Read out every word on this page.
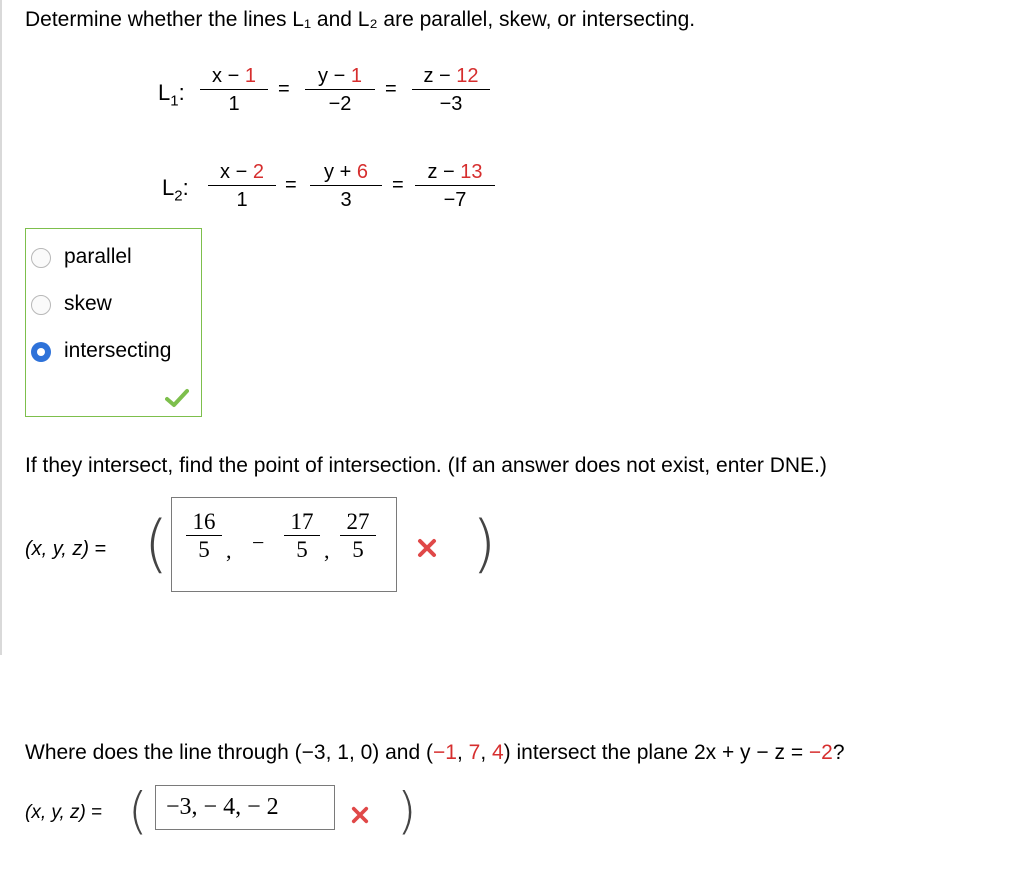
Determine whether the lines L₁ and L₂ are parallel, skew, or intersecting.
$L_1$:
x − 1
1
=
y − 1
−2
=
z − 12
−3
$L_2$:
x − 2
1
=
y + 6
3
=
z − 13
−7
parallel
skew
intersecting
If they intersect, find the point of intersection. (If an answer does not exist, enter DNE.)
(x, y, z) = ( 16
5 , −
17
5 ,
27
5 )
Where does the line through (−3, 1, 0) and (−1, 7, 4) intersect the plane 2x + y − z = −2?
(x, y, z) = ( −3, − 4, − 2 )
